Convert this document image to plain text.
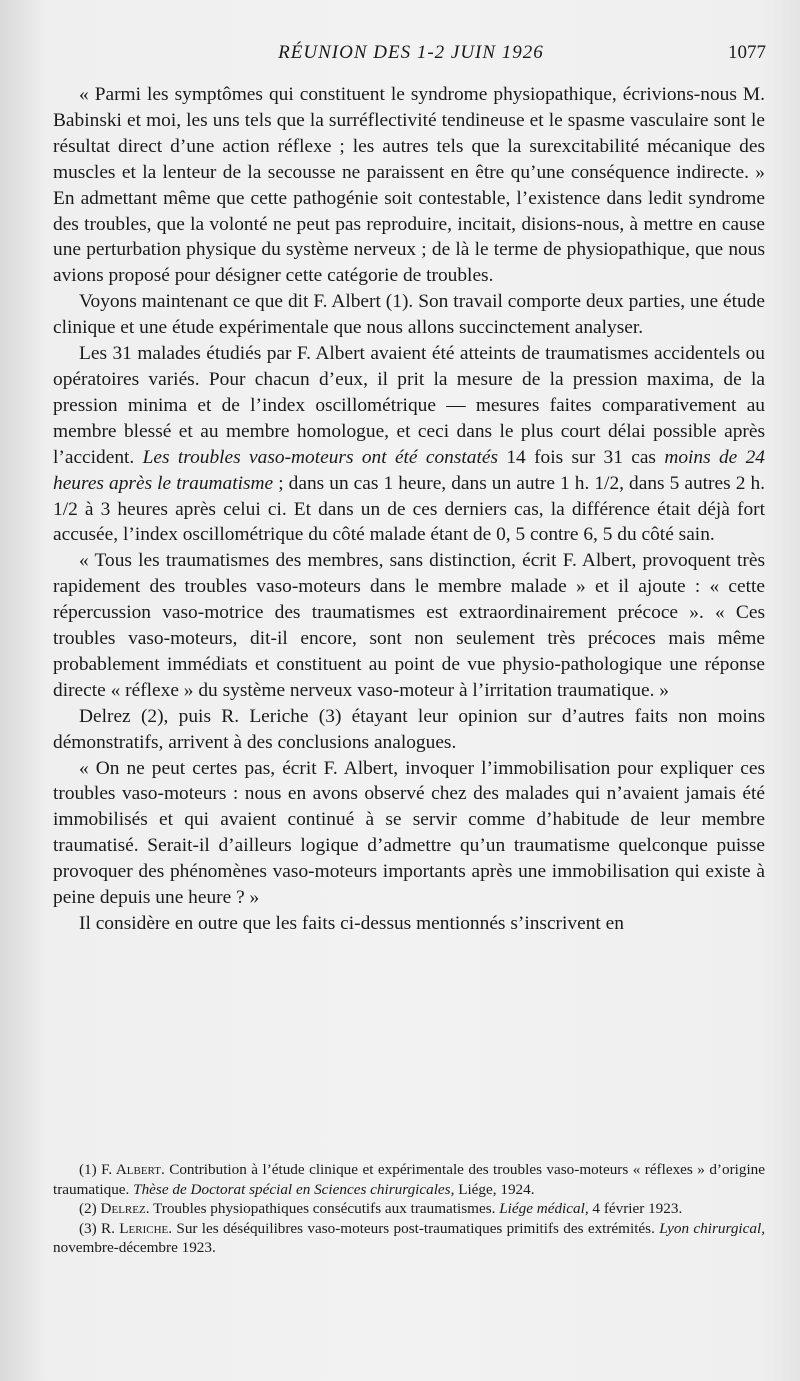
RÉUNION DES 1-2 JUIN 1926	1077

« Parmi les symptômes qui constituent le syndrome physiopathique, écrivions-nous M. Babinski et moi, les uns tels que la surréflectivité tendineuse et le spasme vasculaire sont le résultat direct d’une action réflexe ; les autres tels que la surexcitabilité mécanique des muscles et la lenteur de la secousse ne paraissent en être qu’une conséquence indirecte. » En admettant même que cette pathogénie soit contestable, l’existence dans ledit syndrome des troubles, que la volonté ne peut pas reproduire, incitait, disions-nous, à mettre en cause une perturbation physique du système nerveux ; de là le terme de physiopathique, que nous avions proposé pour désigner cette catégorie de troubles.

Voyons maintenant ce que dit F. Albert (1). Son travail comporte deux parties, une étude clinique et une étude expérimentale que nous allons succinctement analyser.

Les 31 malades étudiés par F. Albert avaient été atteints de traumatismes accidentels ou opératoires variés. Pour chacun d’eux, il prit la mesure de la pression maxima, de la pression minima et de l’index oscillométrique — mesures faites comparativement au membre blessé et au membre homologue, et ceci dans le plus court délai possible après l’accident. Les troubles vaso-moteurs ont été constatés 14 fois sur 31 cas moins de 24 heures après le traumatisme ; dans un cas 1 heure, dans un autre 1 h. 1/2, dans 5 autres 2 h. 1/2 à 3 heures après celui ci. Et dans un de ces derniers cas, la différence était déjà fort accusée, l’index oscillométrique du côté malade étant de 0, 5 contre 6, 5 du côté sain.

« Tous les traumatismes des membres, sans distinction, écrit F. Albert, provoquent très rapidement des troubles vaso-moteurs dans le membre malade » et il ajoute : « cette répercussion vaso-motrice des traumatismes est extraordinairement précoce ». « Ces troubles vaso-moteurs, dit-il encore, sont non seulement très précoces mais même probablement immédiats et constituent au point de vue physio-pathologique une réponse directe « réflexe » du système nerveux vaso-moteur à l’irritation traumatique. »

Delrez (2), puis R. Leriche (3) étayant leur opinion sur d’autres faits non moins démonstratifs, arrivent à des conclusions analogues.

« On ne peut certes pas, écrit F. Albert, invoquer l’immobilisation pour expliquer ces troubles vaso-moteurs : nous en avons observé chez des malades qui n’avaient jamais été immobilisés et qui avaient continué à se servir comme d’habitude de leur membre traumatisé. Serait-il d’ailleurs logique d’admettre qu’un traumatisme quelconque puisse provoquer des phénomènes vaso-moteurs importants après une immobilisation qui existe à peine depuis une heure ? »

Il considère en outre que les faits ci-dessus mentionnés s’inscrivent en

(1) F. Albert. Contribution à l’étude clinique et expérimentale des troubles vaso-moteurs « réflexes » d’origine traumatique. Thèse de Doctorat spécial en Sciences chirurgicales, Liége, 1924.

(2) Delrez. Troubles physiopathiques consécutifs aux traumatismes. Liége médical, 4 février 1923.

(3) R. Leriche. Sur les déséquilibres vaso-moteurs post-traumatiques primitifs des extrémités. Lyon chirurgical, novembre-décembre 1923.
